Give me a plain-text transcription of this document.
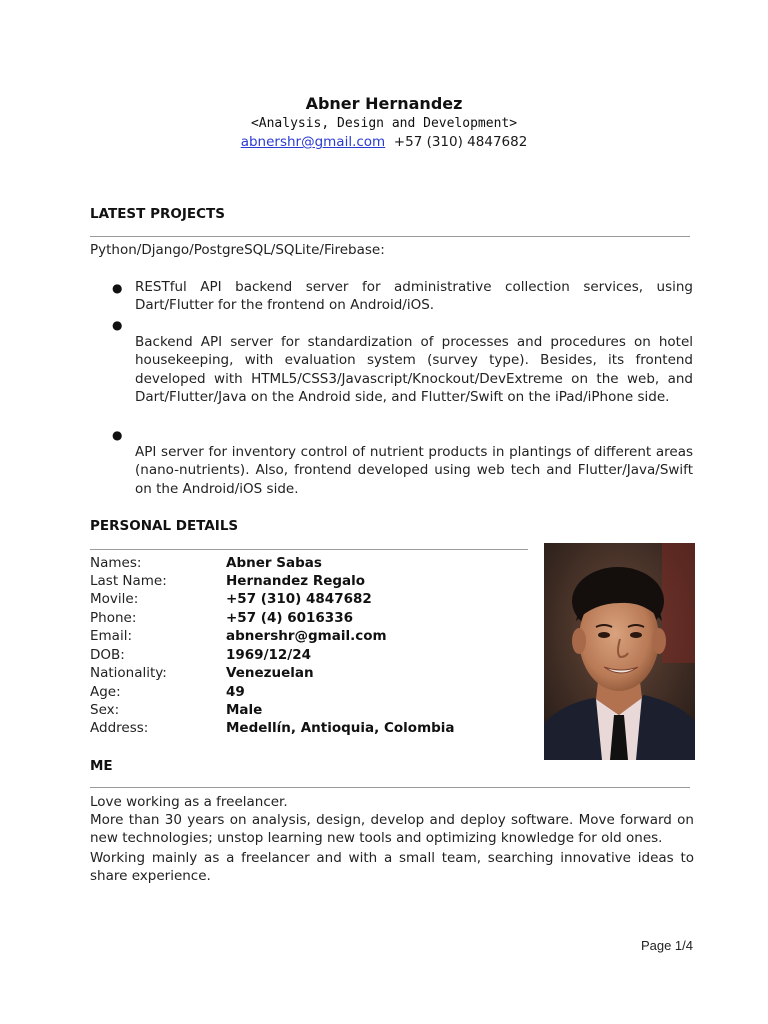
Abner Hernandez
<Analysis, Design and Development>
abnershr@gmail.com +57 (310) 4847682
LATEST PROJECTS
Python/Django/PostgreSQL/SQLite/Firebase:
● RESTful API backend server for administrative collection services, using Dart/Flutter for the frontend on Android/iOS.
●
Backend API server for standardization of processes and procedures on hotel housekeeping, with evaluation system (survey type). Besides, its frontend developed with HTML5/CSS3/Javascript/Knockout/DevExtreme on the web, and Dart/Flutter/Java on the Android side, and Flutter/Swift on the iPad/iPhone side.
●
API server for inventory control of nutrient products in plantings of different areas (nano-nutrients). Also, frontend developed using web tech and Flutter/Java/Swift on the Android/iOS side.
PERSONAL DETAILS
Names:	Abner Sabas
Last Name:	Hernandez Regalo
Movile:	+57 (310) 4847682
Phone:	+57 (4) 6016336
Email:	abnershr@gmail.com
DOB:	1969/12/24
Nationality:	Venezuelan
Age:	49
Sex:	Male
Address:	Medellín, Antioquia, Colombia
ME
Love working as a freelancer.
More than 30 years on analysis, design, develop and deploy software. Move forward on new technologies; unstop learning new tools and optimizing knowledge for old ones.
Working mainly as a freelancer and with a small team, searching innovative ideas to share experience.
Page 1/4
